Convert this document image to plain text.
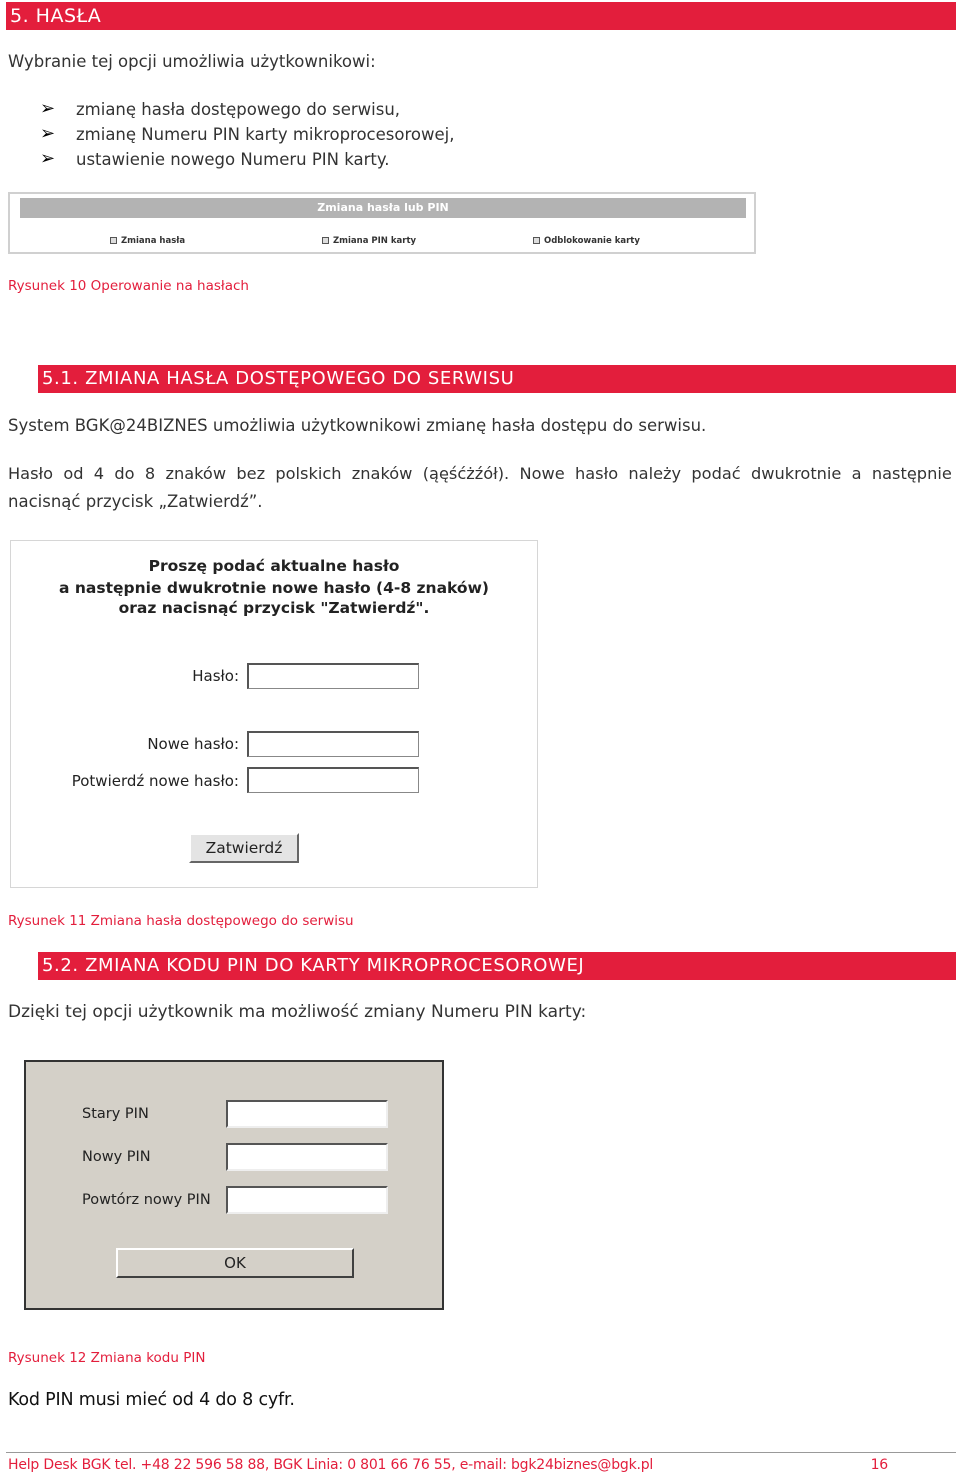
5. HASŁA
Wybranie tej opcji umożliwia użytkownikowi:
➢ zmianę hasła dostępowego do serwisu,
➢ zmianę Numeru PIN karty mikroprocesorowej,
➢ ustawienie nowego Numeru PIN karty.
Zmiana hasła lub PIN
Zmiana hasła	Zmiana PIN karty	Odblokowanie karty
Rysunek 10 Operowanie na hasłach
5.1. ZMIANA HASŁA DOSTĘPOWEGO DO SERWISU
System BGK@24BIZNES umożliwia użytkownikowi zmianę hasła dostępu do serwisu.
Hasło  od  4  do  8  znaków  bez  polskich  znaków  (ąęśćżźół).  Nowe  hasło  należy  podać  dwukrotnie  a  następnie
nacisnąć przycisk „Zatwierdź”.
Proszę podać aktualne hasło
a następnie dwukrotnie nowe hasło (4-8 znaków)
oraz nacisnąć przycisk "Zatwierdź".
Hasło:
Nowe hasło:
Potwierdź nowe hasło:
Zatwierdź
Rysunek 11 Zmiana hasła dostępowego do serwisu
5.2. ZMIANA KODU PIN DO KARTY MIKROPROCESOROWEJ
Dzięki tej opcji użytkownik ma możliwość zmiany Numeru PIN karty:
Stary PIN
Nowy PIN
Powtórz nowy PIN
OK
Rysunek 12 Zmiana kodu PIN
Kod PIN musi mieć od 4 do 8 cyfr.
Help Desk BGK tel. +48 22 596 58 88, BGK Linia: 0 801 66 76 55, e-mail: bgk24biznes@bgk.pl	16
